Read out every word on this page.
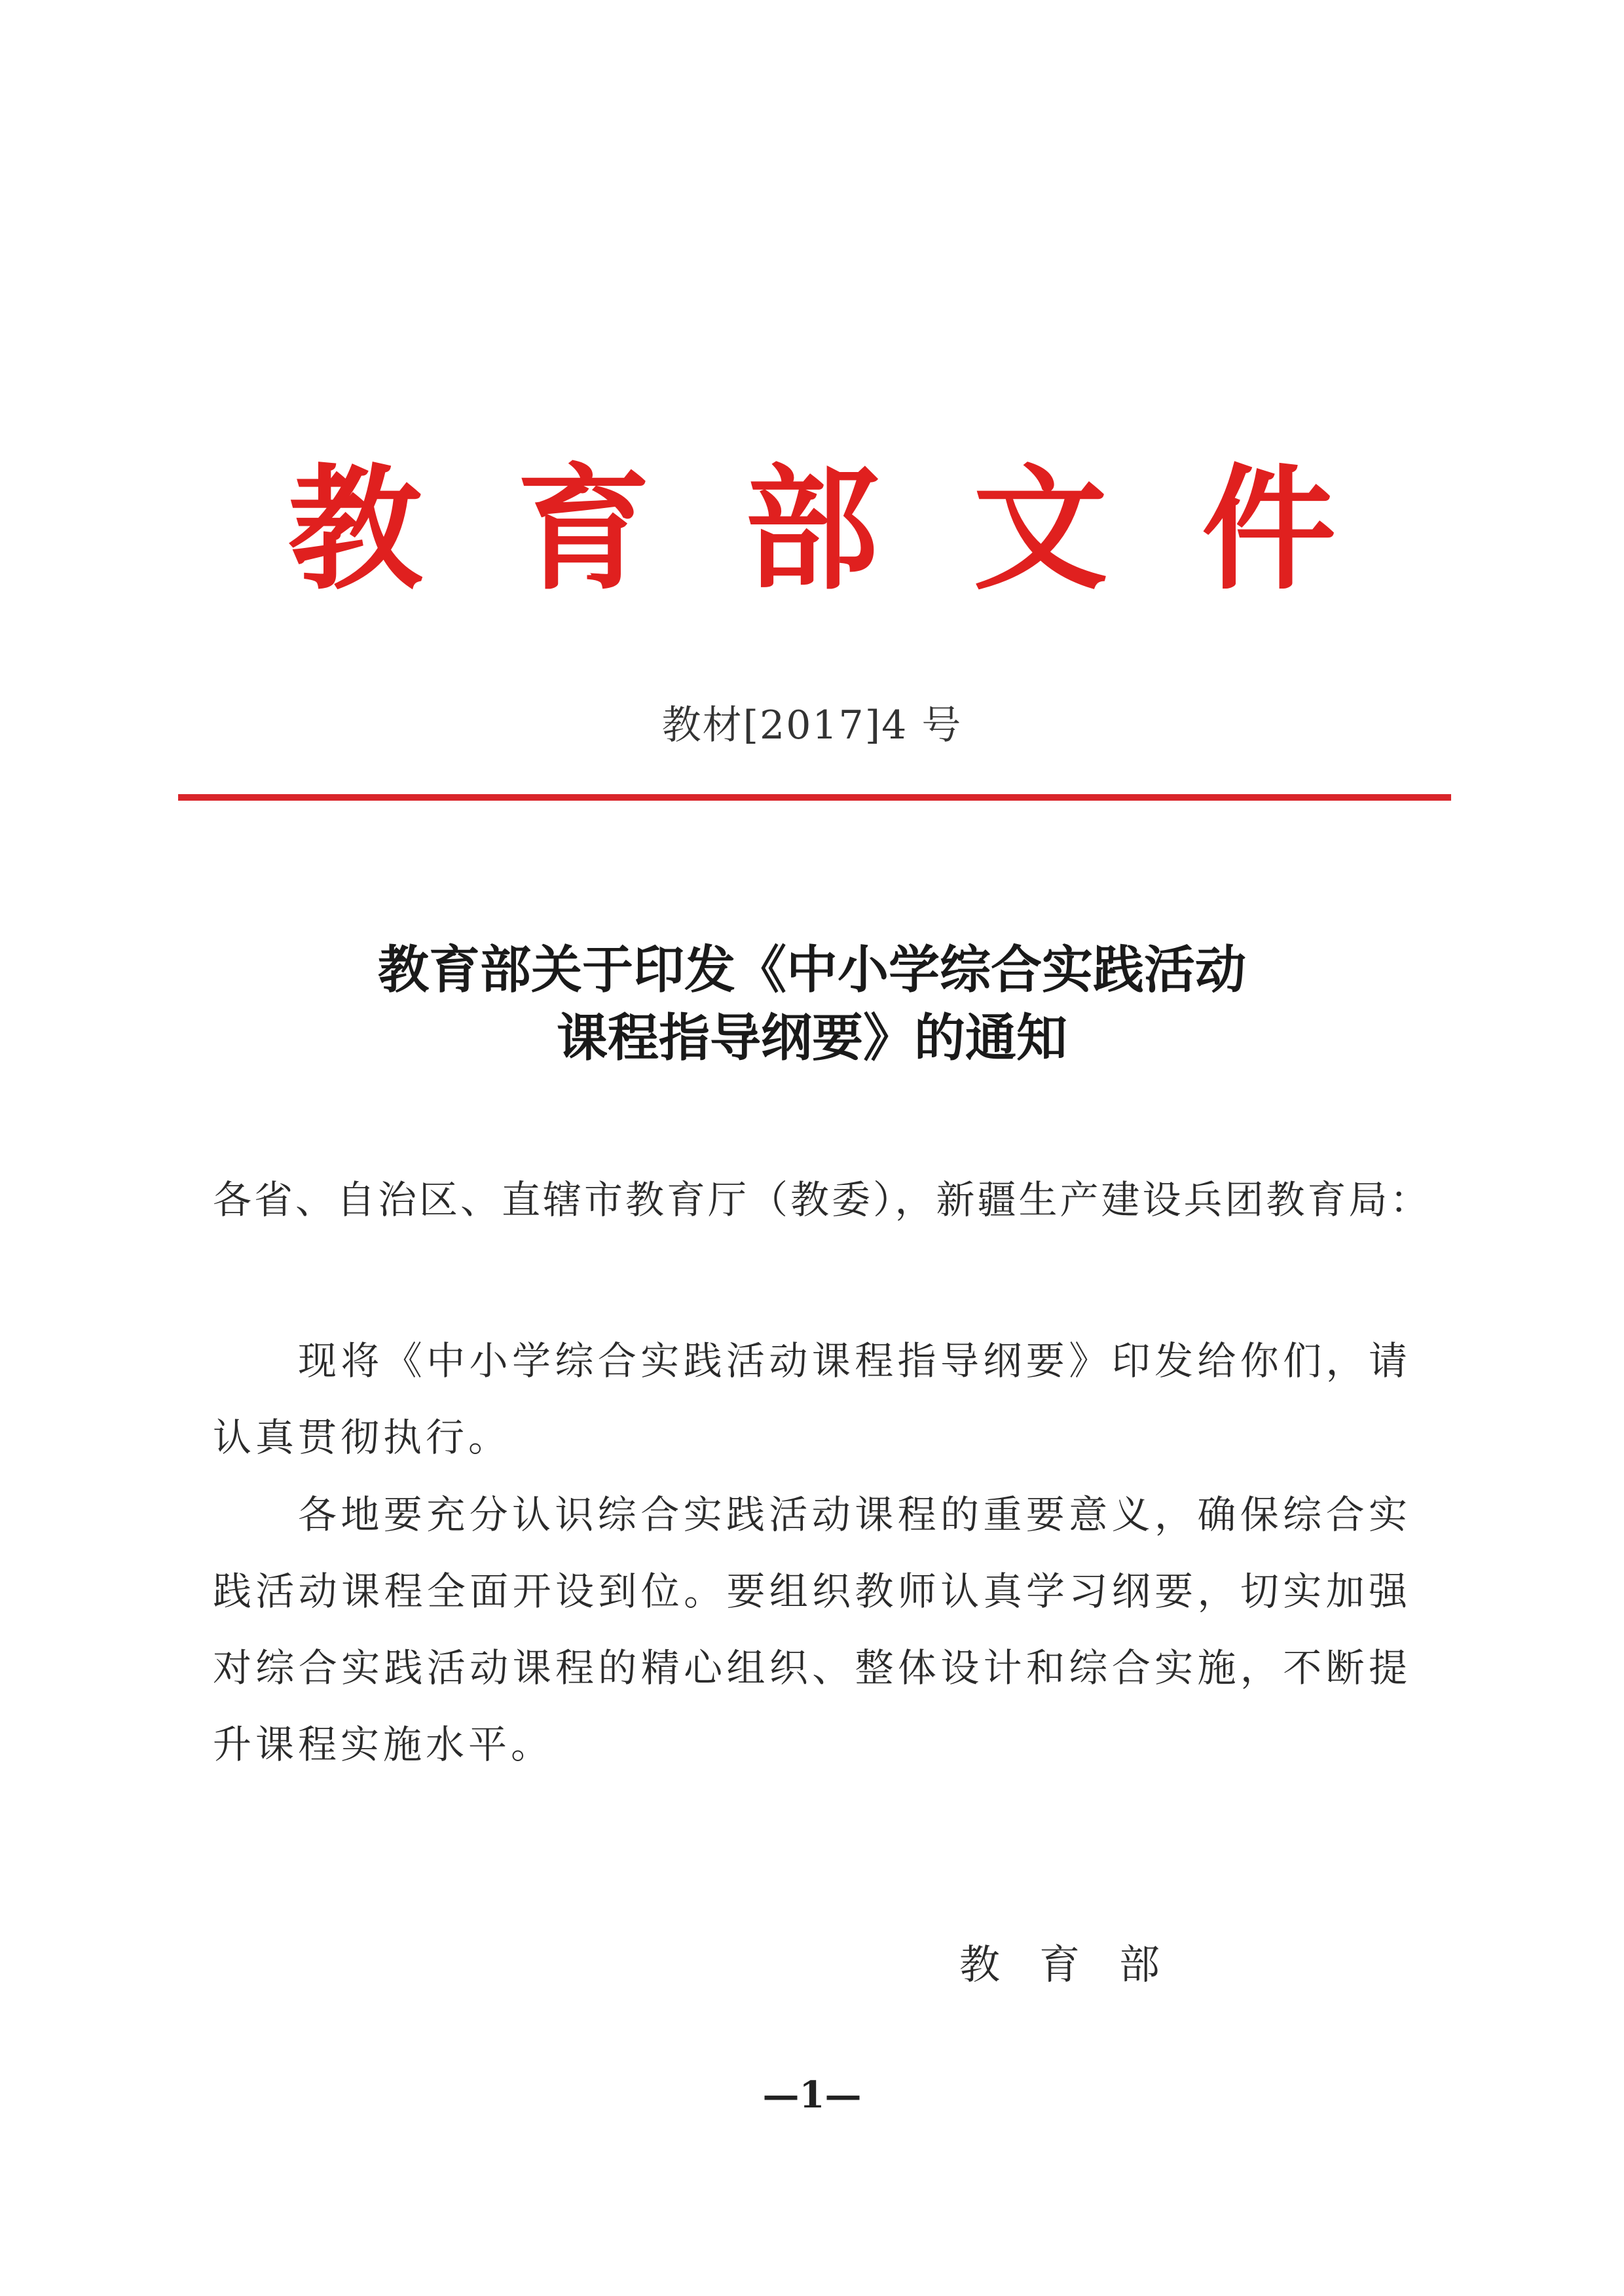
教 育 部 文 件
教材[2017]4 号
教育部关于印发《中小学综合实践活动
课程指导纲要》的通知
各省、自治区、直辖市教育厅（教委），新疆生产建设兵团教育局：
现将《中小学综合实践活动课程指导纲要》印发给你们，请认真贯彻执行。
各地要充分认识综合实践活动课程的重要意义，确保综合实践活动课程全面开设到位。要组织教师认真学习纲要，切实加强对综合实践活动课程的精心组织、整体设计和综合实施，不断提升课程实施水平。
教育部
—1—
